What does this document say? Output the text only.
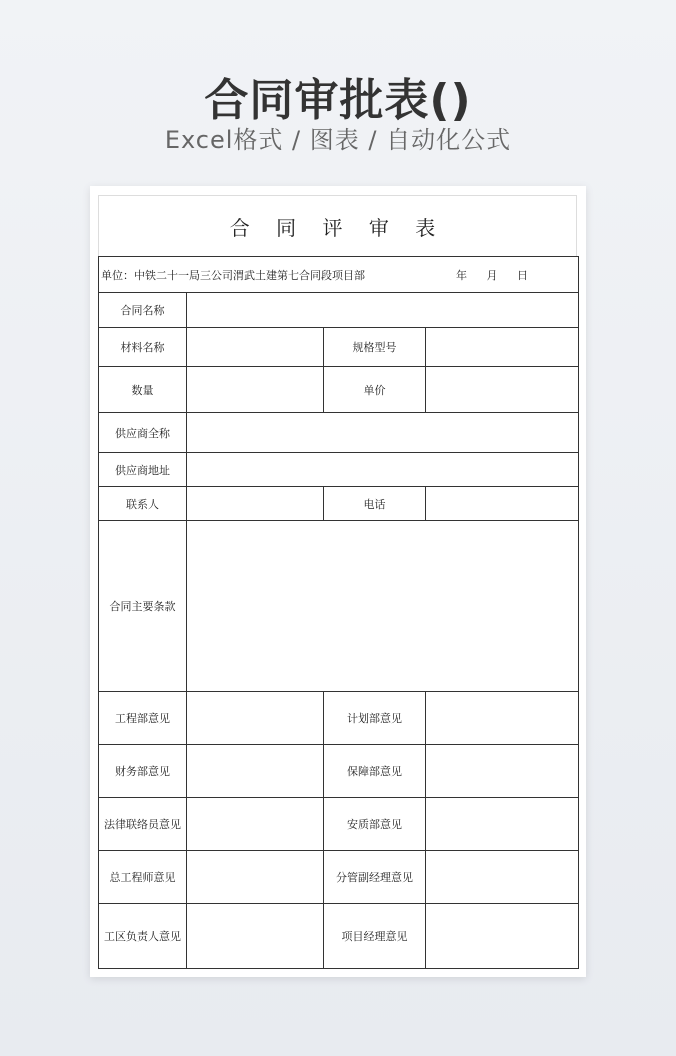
合同审批表()
Excel格式 / 图表 / 自动化公式
合 同 评 审 表
单位：中铁二十一局三公司渭武土建第七合同段项目部 年 月 日			

合同名称			
材料名称		规格型号	
数量		单价	
供应商全称			
供应商地址			
联系人		电话	
合同主要条款			
工程部意见		计划部意见	
财务部意见		保障部意见	
法律联络员意见		安质部意见	
总工程师意见		分管副经理意见	
工区负责人意见		项目经理意见	
